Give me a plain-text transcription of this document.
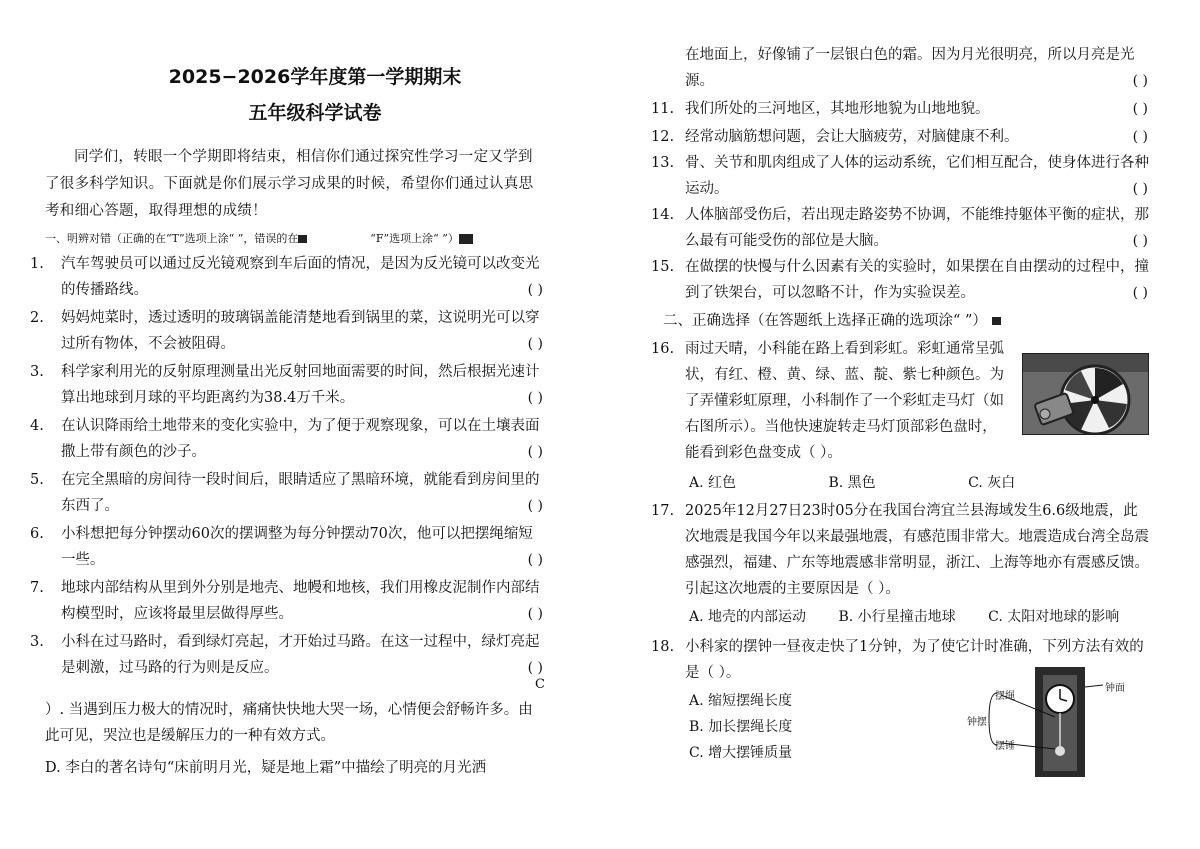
2025−2026学年度第一学期期末
五年级科学试卷
同学们，转眼一个学期即将结束，相信你们通过探究性学习一定又学到了很多科学知识。下面就是你们展示学习成果的时候，希望你们通过认真思考和细心答题，取得理想的成绩！
一、明辨对错（正确的在“T”选项上涂“ ”，错误的在	“F”选项上涂“ ”）
1.	汽车驾驶员可以通过反光镜观察到车后面的情况，是因为反光镜可以改变光的传播路线。	( )
2.	妈妈炖菜时，透过透明的玻璃锅盖能清楚地看到锅里的菜，这说明光可以穿过所有物体，不会被阻碍。	( )
3.	科学家利用光的反射原理测量出光反射回地面需要的时间，然后根据光速计算出地球到月球的平均距离约为38.4万千米。	( )
4.	在认识降雨给土地带来的变化实验中，为了便于观察现象，可以在土壤表面撒上带有颜色的沙子。	( )
5.	在完全黑暗的房间待一段时间后，眼睛适应了黑暗环境，就能看到房间里的东西了。	( )
6.	小科想把每分钟摆动60次的摆调整为每分钟摆动70次，他可以把摆绳缩短一些。	( )
7.	地球内部结构从里到外分别是地壳、地幔和地核，我们用橡皮泥制作内部结构模型时，应该将最里层做得厚些。	( )
3.	小科在过马路时，看到绿灯亮起，才开始过马路。在这一过程中，绿灯亮起是刺激，过马路的行为则是反应。	( )
C
）. 当遇到压力极大的情况时，痛痛快快地大哭一场，心情便会舒畅许多。由此可见，哭泣也是缓解压力的一种有效方式。
D. 李白的著名诗句“床前明月光，疑是地上霜”中描绘了明亮的月光洒
在地面上，好像铺了一层银白色的霜。因为月光很明亮，所以月亮是光源。	( )
11. 我们所处的三河地区，其地形地貌为山地地貌。	( )
12. 经常动脑筋想问题，会让大脑疲劳，对脑健康不利。	( )
13. 骨、关节和肌肉组成了人体的运动系统，它们相互配合，使身体进行各种运动。	( )
14. 人体脑部受伤后，若出现走路姿势不协调，不能维持躯体平衡的症状，那么最有可能受伤的部位是大脑。	( )
15. 在做摆的快慢与什么因素有关的实验时，如果摆在自由摆动的过程中，撞到了铁架台，可以忽略不计，作为实验误差。	( )
二、正确选择（在答题纸上选择正确的选项涂“ ”）
16. 雨过天晴，小科能在路上看到彩虹。彩虹通常呈弧状，有红、橙、黄、绿、蓝、靛、紫七种颜色。为了弄懂彩虹原理，小科制作了一个彩虹走马灯（如右图所示）。当他快速旋转走马灯顶部彩色盘时，能看到彩色盘变成（ ）。
A. 红色	B. 黑色	C. 灰白
17. 2025年12月27日23时05分在我国台湾宜兰县海域发生6.6级地震，此次地震是我国今年以来最强地震，有感范围非常大。地震造成台湾全岛震感强烈，福建、广东等地震感非常明显，浙江、上海等地亦有震感反馈。引起这次地震的主要原因是（ ）。
A. 地壳的内部运动 B. 小行星撞击地球 C. 太阳对地球的影响
18. 小科家的摆钟一昼夜走快了1分钟，为了使它计时准确，下列方法有效的是（ ）。
A. 缩短摆绳长度
B. 加长摆绳长度
C. 增大摆锤质量
摆绳
摆锤
钟摆
钟面
